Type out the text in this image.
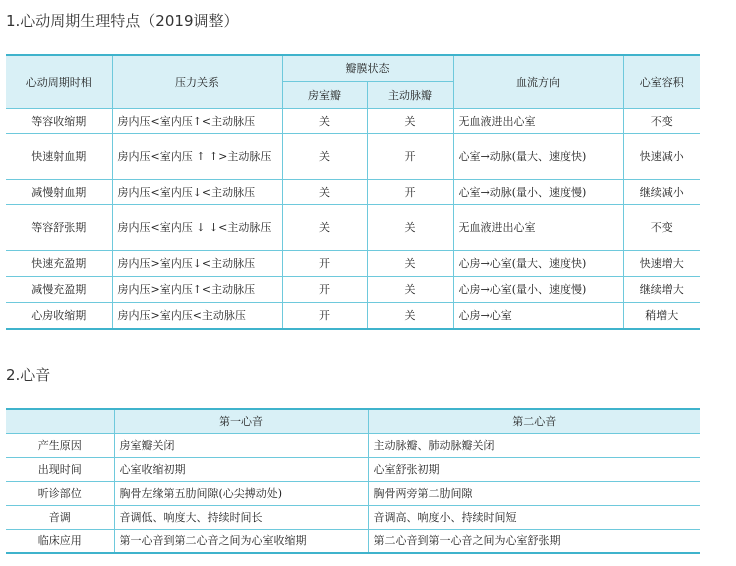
1.心动周期生理特点（2019调整）
心动周期时相	压力关系	瓣膜状态		血流方向	心室容积
		房室瓣	主动脉瓣		
等容收缩期	房内压<室内压↑<主动脉压	关	关	无血液进出心室	不变
快速射血期	房内压<室内压 ↑ ↑>主动脉压	关	开	心室→动脉(量大、速度快)	快速减小
减慢射血期	房内压<室内压↓<主动脉压	关	开	心室→动脉(量小、速度慢)	继续减小
等容舒张期	房内压<室内压 ↓ ↓<主动脉压	关	关	无血液进出心室	不变
快速充盈期	房内压>室内压↓<主动脉压	开	关	心房→心室(量大、速度快)	快速增大
减慢充盈期	房内压>室内压↑<主动脉压	开	关	心房→心室(量小、速度慢)	继续增大
心房收缩期	房内压>室内压<主动脉压	开	关	心房→心室	稍增大
2.心音
	第一心音	第二心音
产生原因	房室瓣关闭	主动脉瓣、肺动脉瓣关闭
出现时间	心室收缩初期	心室舒张初期
听诊部位	胸骨左缘第五肋间隙(心尖搏动处)	胸骨两旁第二肋间隙
音调	音调低、响度大、持续时间长	音调高、响度小、持续时间短
临床应用	第一心音到第二心音之间为心室收缩期	第二心音到第一心音之间为心室舒张期
